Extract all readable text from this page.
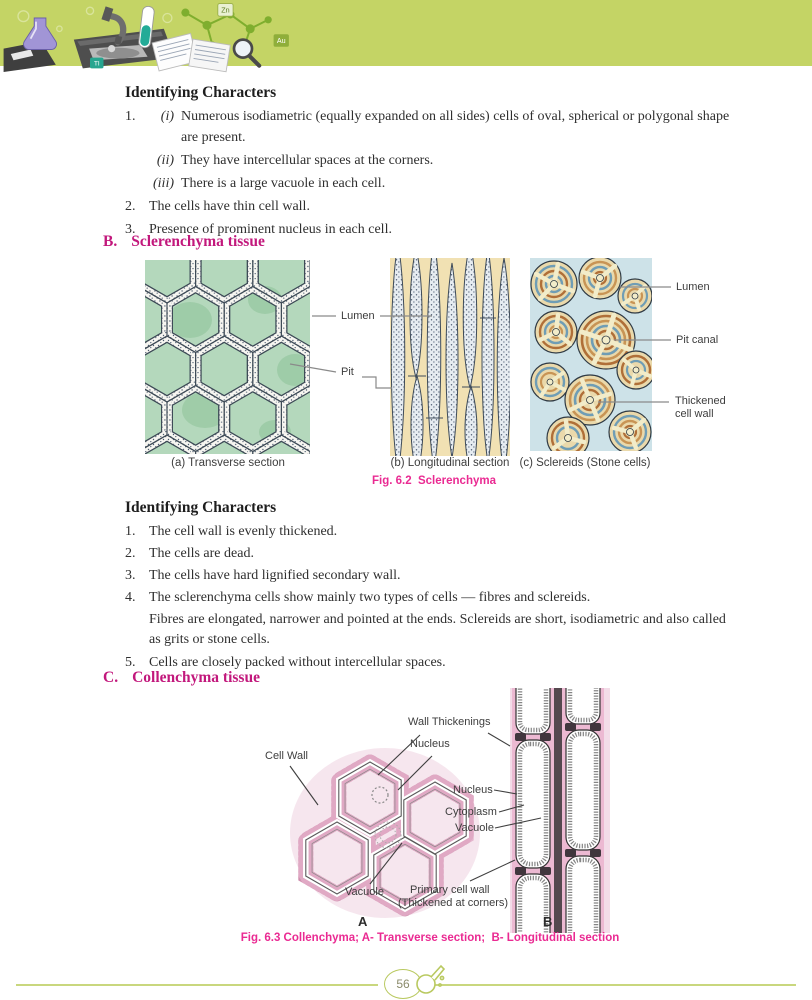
Zn
Au
Tl
Identifying Characters
1.	(i) Numerous isodiametric (equally expanded on all sides) cells of oval, spherical or polygonal shape are present.
(ii) They have intercellular spaces at the corners.
(iii) There is a large vacuole in each cell.
2. The cells have thin cell wall.
3. Presence of prominent nucleus in each cell.
B. Sclerenchyma tissue
Lumen
Pit
Lumen
Pit canal
Thickened
cell wall
(a) Transverse section	(b) Longitudinal section (c) Sclereids (Stone cells)
Fig. 6.2  Sclerenchyma
Identifying Characters
1. The cell wall is evenly thickened.
2. The cells are dead.
3. The cells have hard lignified secondary wall.
4. The sclerenchyma cells show mainly two types of cells — fibres and sclereids.
Fibres are elongated, narrower and pointed at the ends. Sclereids are short, isodiametric and also called as grits or stone cells.
5. Cells are closely packed without intercellular spaces.
C. Collenchyma tissue
Wall Thickenings
Nucleus
Cell Wall
Nucleus
Cytoplasm
Vacuole
Vacuole Primary cell wall
(Thickened at corners)
A	B
Fig. 6.3 Collenchyma; A- Transverse section;  B- Longitudinal section
56
